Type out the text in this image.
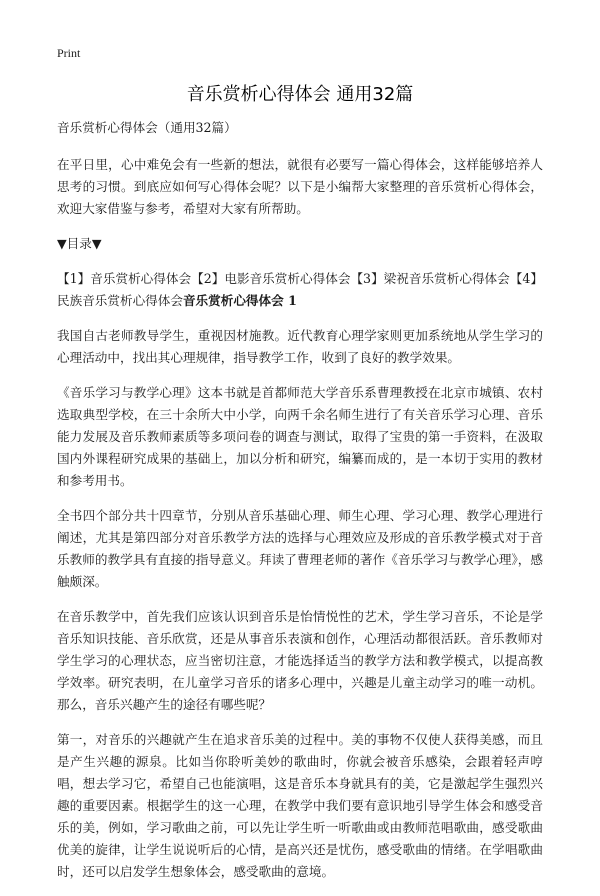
Print
音乐赏析心得体会 通用32篇

音乐赏析心得体会（通用32篇）

在平日里，心中难免会有一些新的想法，就很有必要写一篇心得体会，这样能够培养人思考的习惯。到底应如何写心得体会呢？以下是小编帮大家整理的音乐赏析心得体会，欢迎大家借鉴与参考，希望对大家有所帮助。

▼目录▼

【1】音乐赏析心得体会【2】电影音乐赏析心得体会【3】梁祝音乐赏析心得体会【4】民族音乐赏析心得体会音乐赏析心得体会 1

我国自古老师教导学生，重视因材施教。近代教育心理学家则更加系统地从学生学习的心理活动中，找出其心理规律，指导教学工作，收到了良好的教学效果。

《音乐学习与教学心理》这本书就是首都师范大学音乐系曹理教授在北京市城镇、农村选取典型学校，在三十余所大中小学，向两千余名师生进行了有关音乐学习心理、音乐能力发展及音乐教师素质等多项问卷的调查与测试，取得了宝贵的第一手资料，在汲取国内外课程研究成果的基础上，加以分析和研究，编纂而成的，是一本切于实用的教材和参考用书。

全书四个部分共十四章节，分别从音乐基础心理、师生心理、学习心理、教学心理进行阐述，尤其是第四部分对音乐教学方法的选择与心理效应及形成的音乐教学模式对于音乐教师的教学具有直接的指导意义。拜读了曹理老师的著作《音乐学习与教学心理》，感触颇深。

在音乐教学中，首先我们应该认识到音乐是怡情悦性的艺术，学生学习音乐，不论是学音乐知识技能、音乐欣赏，还是从事音乐表演和创作，心理活动都很活跃。音乐教师对学生学习的心理状态，应当密切注意，才能选择适当的教学方法和教学模式，以提高教学效率。研究表明，在儿童学习音乐的诸多心理中，兴趣是儿童主动学习的唯一动机。那么，音乐兴趣产生的途径有哪些呢？

第一，对音乐的兴趣就产生在追求音乐美的过程中。美的事物不仅使人获得美感，而且是产生兴趣的源泉。比如当你聆听美妙的歌曲时，你就会被音乐感染，会跟着轻声哼唱，想去学习它，希望自己也能演唱，这是音乐本身就具有的美，它是激起学生强烈兴趣的重要因素。根据学生的这一心理，在教学中我们要有意识地引导学生体会和感受音乐的美，例如，学习歌曲之前，可以先让学生听一听歌曲或由教师范唱歌曲，感受歌曲优美的旋律，让学生说说听后的心情，是高兴还是忧伤，感受歌曲的情绪。在学唱歌曲时，还可以启发学生想象体会，感受歌曲的意境。
